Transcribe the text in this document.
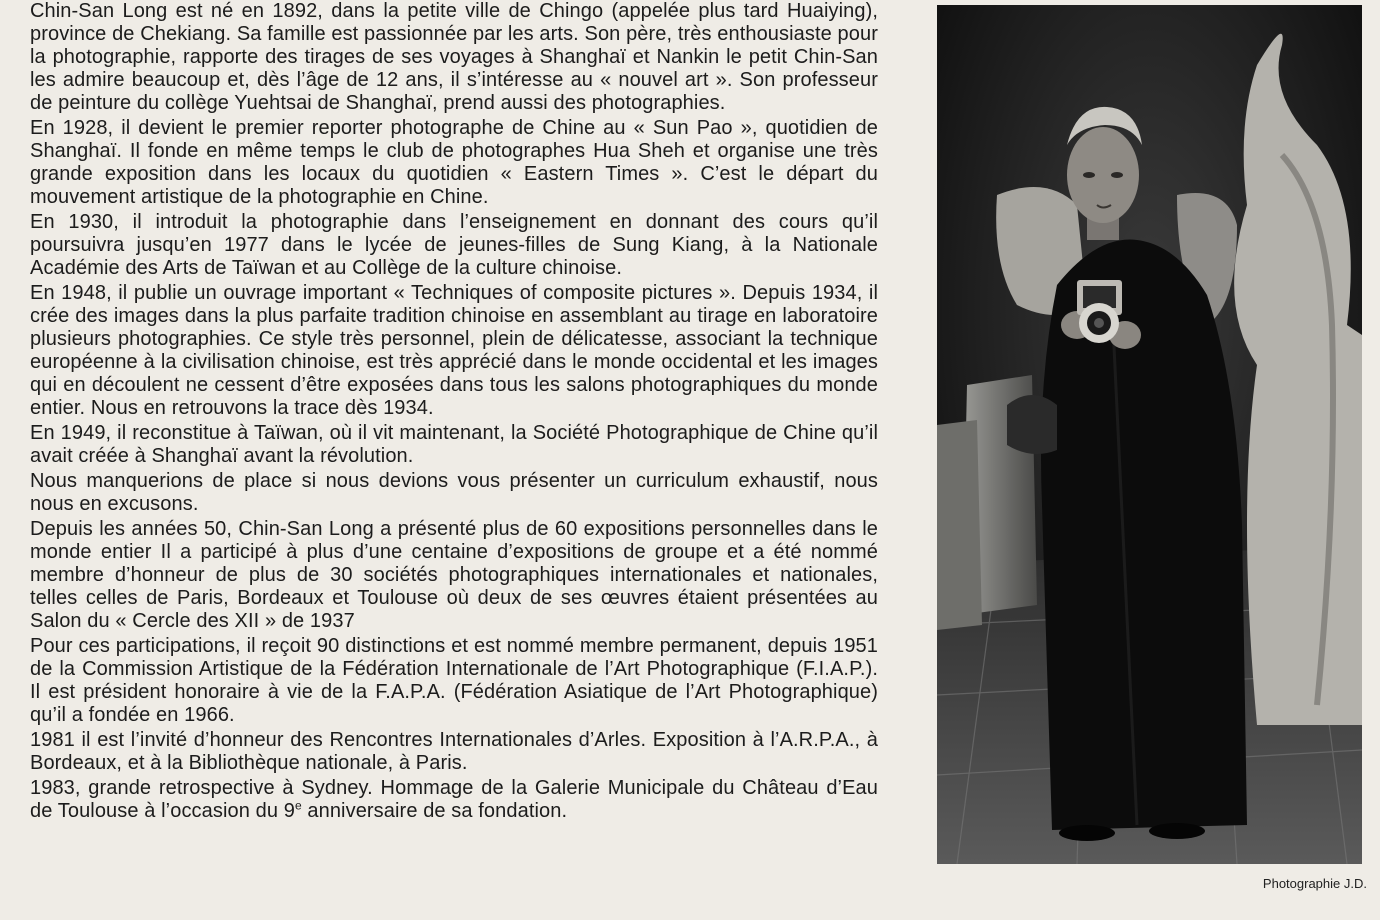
Chin-San Long est né en 1892, dans la petite ville de Chingo (appelée plus tard Huaiying), province de Chekiang. Sa famille est passionnée par les arts. Son père, très enthousiaste pour la photographie, rapporte des tirages de ses voyages à Shanghaï et Nankin le petit Chin-San les admire beaucoup et, dès l’âge de 12 ans, il s’intéresse au « nouvel art ». Son professeur de peinture du collège Yuehtsai de Shanghaï, prend aussi des photographies.

En 1928, il devient le premier reporter photographe de Chine au « Sun Pao », quotidien de Shanghaï. Il fonde en même temps le club de photographes Hua Sheh et organise une très grande exposition dans les locaux du quotidien « Eastern Times ». C’est le départ du mouvement artistique de la photographie en Chine.

En 1930, il introduit la photographie dans l’enseignement en donnant des cours qu’il poursuivra jusqu’en 1977 dans le lycée de jeunes-filles de Sung Kiang, à la Nationale Académie des Arts de Taïwan et au Collège de la culture chinoise.

En 1948, il publie un ouvrage important « Techniques of composite pictures ». Depuis 1934, il crée des images dans la plus parfaite tradition chinoise en assemblant au tirage en laboratoire plusieurs photographies. Ce style très personnel, plein de délicatesse, associant la technique européenne à la civilisation chinoise, est très apprécié dans le monde occidental et les images qui en découlent ne cessent d’être exposées dans tous les salons photographiques du monde entier. Nous en retrouvons la trace dès 1934.

En 1949, il reconstitue à Taïwan, où il vit maintenant, la Société Photographique de Chine qu’il avait créée à Shanghaï avant la révolution.

Nous manquerions de place si nous devions vous présenter un curriculum exhaustif, nous nous en excusons.

Depuis les années 50, Chin-San Long a présenté plus de 60 expositions personnelles dans le monde entier Il a participé à plus d’une centaine d’expositions de groupe et a été nommé membre d’honneur de plus de 30 sociétés photographiques internationales et nationales, telles celles de Paris, Bordeaux et Toulouse où deux de ses œuvres étaient présentées au Salon du « Cercle des XII » de 1937

Pour ces participations, il reçoit 90 distinctions et est nommé membre permanent, depuis 1951 de la Commission Artistique de la Fédération Internationale de l’Art Photographique (F.I.A.P.). Il est président honoraire à vie de la F.A.P.A. (Fédération Asiatique de l’Art Photographique) qu’il a fondée en 1966.

1981 il est l’invité d’honneur des Rencontres Internationales d’Arles. Exposition à l’A.R.P.A., à Bordeaux, et à la Bibliothèque nationale, à Paris.

1983, grande retrospective à Sydney. Hommage de la Galerie Municipale du Château d’Eau de Toulouse à l’occasion du 9e anniversaire de sa fondation.

Photographie J.D.
